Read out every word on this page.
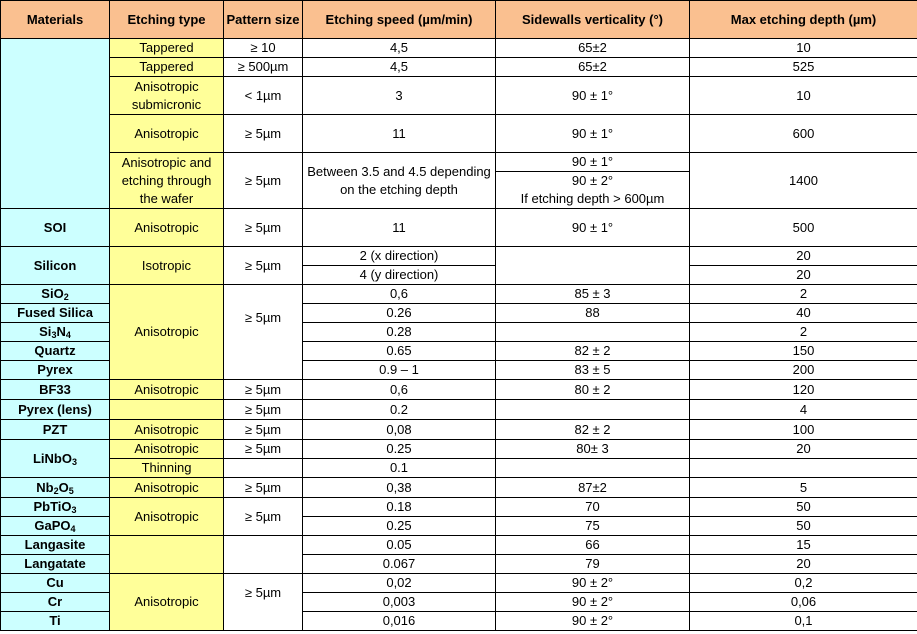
Materials	Etching type	Pattern size	Etching speed (µm/min)	Sidewalls verticality (°)	Max etching depth (µm)
	Tappered	≥ 10	4,5	65±2	10
	Tappered	≥ 500µm	4,5	65±2	525
	Anisotropic submicronic	< 1µm	3	90 ± 1°	10
	Anisotropic	≥ 5µm	11	90 ± 1°	600
	Anisotropic and etching through the wafer	≥ 5µm	Between 3.5 and 4.5 depending on the etching depth	90 ± 1°	1400
				90 ± 2°	
				If etching depth > 600µm	
SOI	Anisotropic	≥ 5µm	11	90 ± 1°	500
Silicon	Isotropic	≥ 5µm	2 (x direction)		20
			4 (y direction)		20
SiO$_2$	Anisotropic	≥ 5µm	0,6	85 ± 3	2
Fused Silica			0.26	88	40
$Si_3N_4$			0.28		2
Quartz			0.65	82 ± 2	150
Pyrex			0.9 – 1	83 ± 5	200
BF33	Anisotropic	≥ 5µm	0,6	80 ± 2	120
Pyrex (lens)		≥ 5µm	0.2		4
PZT	Anisotropic	≥ 5µm	0,08	82 ± 2	100
LiNbO$_3$	Anisotropic	≥ 5µm	0.25	80± 3	20
	Thinning		0.1		
$Nb_2O_5$	Anisotropic	≥ 5µm	0,38	87±2	5
PbTiO$_3$	Anisotropic	≥ 5µm	0.18	70	50
GaPO$_4$			0.25	75	50
Langasite			0.05	66	15
Langatate			0.067	79	20
Cu	Anisotropic	≥ 5µm	0,02	90 ± 2°	0,2
Cr			0,003	90 ± 2°	0,06
Ti			0,016	90 ± 2°	0,1
